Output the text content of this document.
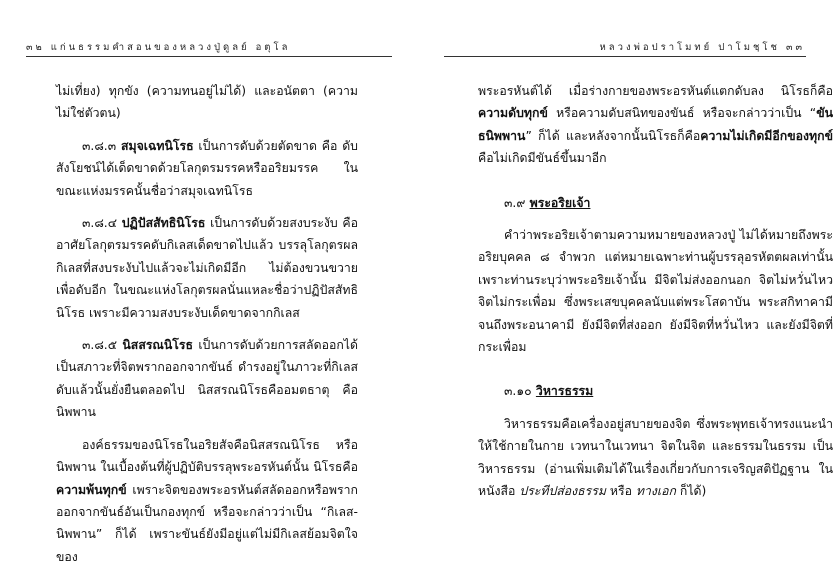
๓๒ แก่นธรรมคำสอนของหลวงปู่ดูลย์ อตุโล

ไม่เที่ยง) ทุกขัง (ความทนอยู่ไม่ได้) และอนัตตา (ความไม่ใช่ตัวตน)

๓.๘.๓ สมุจเฉทนิโรธ เป็นการดับด้วยตัดขาด คือ ดับสังโยชน์ได้เด็ดขาดด้วยโลกุตรมรรคหรืออริยมรรค ในขณะแห่งมรรคนั้นชื่อว่าสมุจเฉทนิโรธ

๓.๘.๔ ปฏิปัสสัทธินิโรธ เป็นการดับด้วยสงบระงับ คืออาศัยโลกุตรมรรคดับกิเลสเด็ดขาดไปแล้ว บรรลุโลกุตรผล กิเลสที่สงบระงับไปแล้วจะไม่เกิดมีอีก ไม่ต้องขวนขวายเพื่อดับอีก ในขณะแห่งโลกุตรผลนั่นแหละชื่อว่าปฏิปัสสัทธินิโรธ เพราะมีความสงบระงับเด็ดขาดจากกิเลส

๓.๘.๕ นิสสรณนิโรธ เป็นการดับด้วยการสลัดออกได้ เป็นสภาวะที่จิตพรากออกจากขันธ์ ดำรงอยู่ในภาวะที่กิเลสดับแล้วนั้นยั่งยืนตลอดไป นิสสรณนิโรธคืออมตธาตุ คือนิพพาน

องค์ธรรมของนิโรธในอริยสัจคือนิสสรณนิโรธ หรือนิพพาน ในเบื้องต้นที่ผู้ปฏิบัติบรรลุพระอรหันต์นั้น นิโรธคือความพ้นทุกข์ เพราะจิตของพระอรหันต์สลัดออกหรือพรากออกจากขันธ์อันเป็นกองทุกข์ หรือจะกล่าวว่าเป็น “กิเลส-นิพพาน” ก็ได้ เพราะขันธ์ยังมีอยู่แต่ไม่มีกิเลสย้อมจิตใจของ

หลวงพ่อปราโมทย์ ปาโมชฺโช ๓๓

พระอรหันต์ได้ เมื่อร่างกายของพระอรหันต์แตกดับลง นิโรธก็คือ ความดับทุกข์ หรือความดับสนิทของขันธ์ หรือจะกล่าวว่าเป็น “ขันธนิพพาน” ก็ได้ และหลังจากนั้นนิโรธก็คือความไม่เกิดมีอีกของทุกข์ คือไม่เกิดมีขันธ์ขึ้นมาอีก

๓.๙ พระอริยเจ้า

คำว่าพระอริยเจ้าตามความหมายของหลวงปู่ ไม่ได้หมายถึงพระอริยบุคคล ๘ จำพวก แต่หมายเฉพาะท่านผู้บรรลุอรหัตตผลเท่านั้น เพราะท่านระบุว่าพระอริยเจ้านั้น มีจิตไม่ส่งออกนอก จิตไม่หวั่นไหว จิตไม่กระเพื่อม ซึ่งพระเสขบุคคลนับแต่พระโสดาบัน พระสกิทาคามี จนถึงพระอนาคามี ยังมีจิตที่ส่งออก ยังมีจิตที่หวั่นไหว และยังมีจิตที่กระเพื่อม

๓.๑๐ วิหารธรรม

วิหารธรรมคือเครื่องอยู่สบายของจิต ซึ่งพระพุทธเจ้าทรงแนะนำให้ใช้กายในกาย เวทนาในเวทนา จิตในจิต และธรรมในธรรม เป็นวิหารธรรม (อ่านเพิ่มเติมได้ในเรื่องเกี่ยวกับการเจริญสติปัฏฐาน ในหนังสือ ประทีปส่องธรรม หรือ ทางเอก ก็ได้)
